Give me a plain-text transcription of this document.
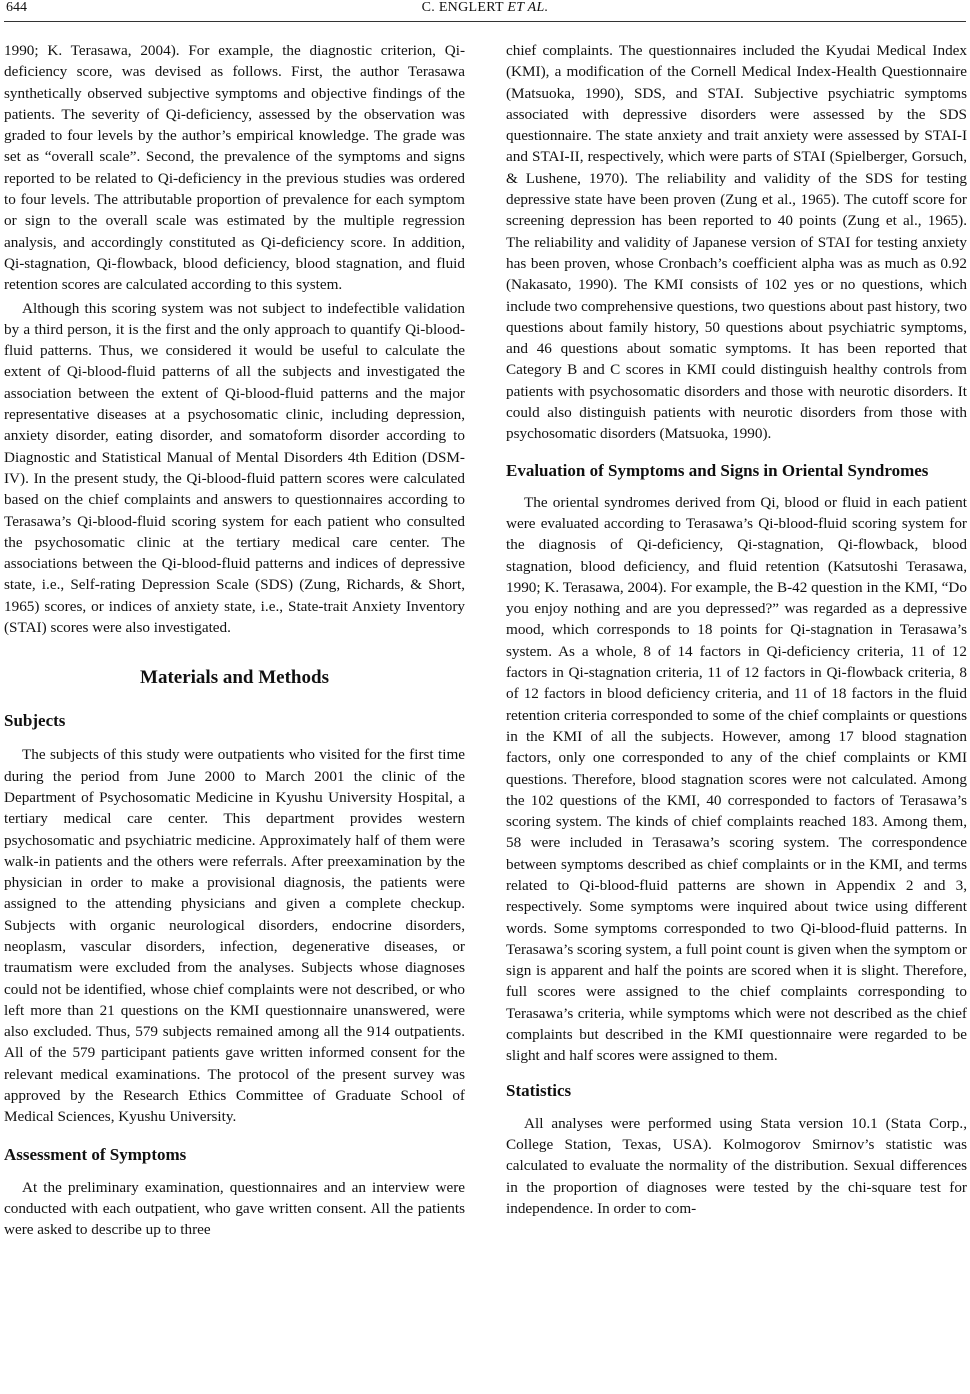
644	C. ENGLERT ET AL.

1990; K. Terasawa, 2004). For example, the diagnostic criterion, Qi-deficiency score, was devised as follows. First, the author Terasawa synthetically observed subjective symptoms and objective findings of the patients. The severity of Qi-deficiency, assessed by the observation was graded to four levels by the author’s empirical knowledge. The grade was set as “overall scale”. Second, the prevalence of the symptoms and signs reported to be related to Qi-deficiency in the previous studies was ordered to four levels. The attributable proportion of prevalence for each symptom or sign to the overall scale was estimated by the multiple regression analysis, and accordingly constituted as Qi-deficiency score. In addition, Qi-stagnation, Qi-flowback, blood deficiency, blood stagnation, and fluid retention scores are calculated according to this system.

Although this scoring system was not subject to indefectible validation by a third person, it is the first and the only approach to quantify Qi-blood-fluid patterns. Thus, we considered it would be useful to calculate the extent of Qi-blood-fluid patterns of all the subjects and investigated the association between the extent of Qi-blood-fluid patterns and the major representative diseases at a psychosomatic clinic, including depression, anxiety disorder, eating disorder, and somatoform disorder according to Diagnostic and Statistical Manual of Mental Disorders 4th Edition (DSM-IV). In the present study, the Qi-blood-fluid pattern scores were calculated based on the chief complaints and answers to questionnaires according to Terasawa’s Qi-blood-fluid scoring system for each patient who consulted the psychosomatic clinic at the tertiary medical care center. The associations between the Qi-blood-fluid patterns and indices of depressive state, i.e., Self-rating Depression Scale (SDS) (Zung, Richards, & Short, 1965) scores, or indices of anxiety state, i.e., State-trait Anxiety Inventory (STAI) scores were also investigated.

Materials and Methods
Subjects

The subjects of this study were outpatients who visited for the first time during the period from June 2000 to March 2001 the clinic of the Department of Psychosomatic Medicine in Kyushu University Hospital, a tertiary medical care center. This department provides western psychosomatic and psychiatric medicine. Approximately half of them were walk-in patients and the others were referrals. After preexamination by the physician in order to make a provisional diagnosis, the patients were assigned to the attending physicians and given a complete checkup. Subjects with organic neurological disorders, endocrine disorders, neoplasm, vascular disorders, infection, degenerative diseases, or traumatism were excluded from the analyses. Subjects whose diagnoses could not be identified, whose chief complaints were not described, or who left more than 21 questions on the KMI questionnaire unanswered, were also excluded. Thus, 579 subjects remained among all the 914 outpatients. All of the 579 participant patients gave written informed consent for the relevant medical examinations. The protocol of the present survey was approved by the Research Ethics Committee of Graduate School of Medical Sciences, Kyushu University.

Assessment of Symptoms

At the preliminary examination, questionnaires and an interview were conducted with each outpatient, who gave written consent. All the patients were asked to describe up to three

chief complaints. The questionnaires included the Kyudai Medical Index (KMI), a modification of the Cornell Medical Index-Health Questionnaire (Matsuoka, 1990), SDS, and STAI. Subjective psychiatric symptoms associated with depressive disorders were assessed by the SDS questionnaire. The state anxiety and trait anxiety were assessed by STAI-I and STAI-II, respectively, which were parts of STAI (Spielberger, Gorsuch, & Lushene, 1970). The reliability and validity of the SDS for testing depressive state have been proven (Zung et al., 1965). The cutoff score for screening depression has been reported to 40 points (Zung et al., 1965). The reliability and validity of Japanese version of STAI for testing anxiety has been proven, whose Cronbach’s coefficient alpha was as much as 0.92 (Nakasato, 1990). The KMI consists of 102 yes or no questions, which include two comprehensive questions, two questions about past history, two questions about family history, 50 questions about psychiatric symptoms, and 46 questions about somatic symptoms. It has been reported that Category B and C scores in KMI could distinguish healthy controls from patients with psychosomatic disorders and those with neurotic disorders. It could also distinguish patients with neurotic disorders from those with psychosomatic disorders (Matsuoka, 1990).

Evaluation of Symptoms and Signs in Oriental Syndromes

The oriental syndromes derived from Qi, blood or fluid in each patient were evaluated according to Terasawa’s Qi-blood-fluid scoring system for the diagnosis of Qi-deficiency, Qi-stagnation, Qi-flowback, blood stagnation, blood deficiency, and fluid retention (Katsutoshi Terasawa, 1990; K. Terasawa, 2004). For example, the B-42 question in the KMI, “Do you enjoy nothing and are you depressed?” was regarded as a depressive mood, which corresponds to 18 points for Qi-stagnation in Terasawa’s system. As a whole, 8 of 14 factors in Qi-deficiency criteria, 11 of 12 factors in Qi-stagnation criteria, 11 of 12 factors in Qi-flowback criteria, 8 of 12 factors in blood deficiency criteria, and 11 of 18 factors in the fluid retention criteria corresponded to some of the chief complaints or questions in the KMI of all the subjects. However, among 17 blood stagnation factors, only one corresponded to any of the chief complaints or KMI questions. Therefore, blood stagnation scores were not calculated. Among the 102 questions of the KMI, 40 corresponded to factors of Terasawa’s scoring system. The kinds of chief complaints reached 183. Among them, 58 were included in Terasawa’s scoring system. The correspondence between symptoms described as chief complaints or in the KMI, and terms related to Qi-blood-fluid patterns are shown in Appendix 2 and 3, respectively. Some symptoms were inquired about twice using different words. Some symptoms corresponded to two Qi-blood-fluid patterns. In Terasawa’s scoring system, a full point count is given when the symptom or sign is apparent and half the points are scored when it is slight. Therefore, full scores were assigned to the chief complaints corresponding to Terasawa’s criteria, while symptoms which were not described as the chief complaints but described in the KMI questionnaire were regarded to be slight and half scores were assigned to them.

Statistics

All analyses were performed using Stata version 10.1 (Stata Corp., College Station, Texas, USA). Kolmogorov Smirnov’s statistic was calculated to evaluate the normality of the distribution. Sexual differences in the proportion of diagnoses were tested by the chi-square test for independence. In order to com-
